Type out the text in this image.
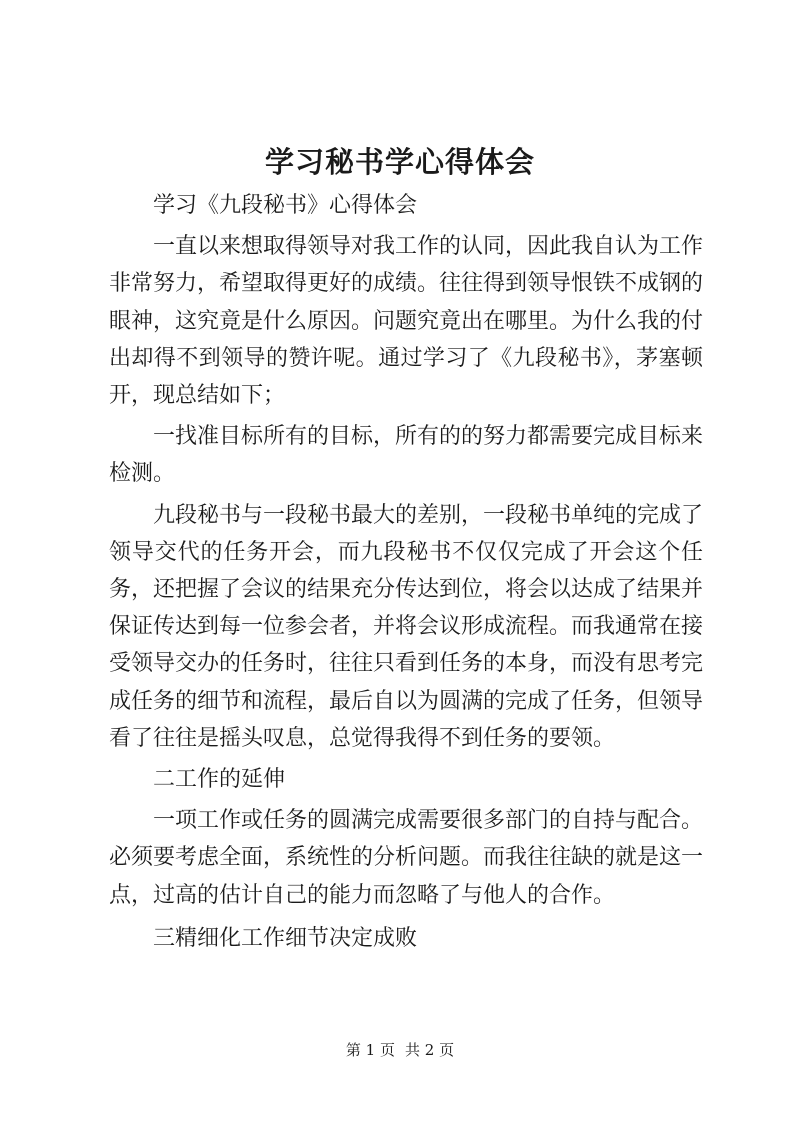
学习秘书学心得体会

学习《九段秘书》心得体会

一直以来想取得领导对我工作的认同，因此我自认为工作非常努力，希望取得更好的成绩。往往得到领导恨铁不成钢的眼神，这究竟是什么原因。问题究竟出在哪里。为什么我的付出却得不到领导的赞许呢。通过学习了《九段秘书》，茅塞顿开，现总结如下；

一找准目标所有的目标，所有的的努力都需要完成目标来检测。

九段秘书与一段秘书最大的差别，一段秘书单纯的完成了领导交代的任务开会，而九段秘书不仅仅完成了开会这个任务，还把握了会议的结果充分传达到位，将会以达成了结果并保证传达到每一位参会者，并将会议形成流程。而我通常在接受领导交办的任务时，往往只看到任务的本身，而没有思考完成任务的细节和流程，最后自以为圆满的完成了任务，但领导看了往往是摇头叹息，总觉得我得不到任务的要领。

二工作的延伸

一项工作或任务的圆满完成需要很多部门的自持与配合。必须要考虑全面，系统性的分析问题。而我往往缺的就是这一点，过高的估计自己的能力而忽略了与他人的合作。

三精细化工作细节决定成败

第 1 页 共 2 页
